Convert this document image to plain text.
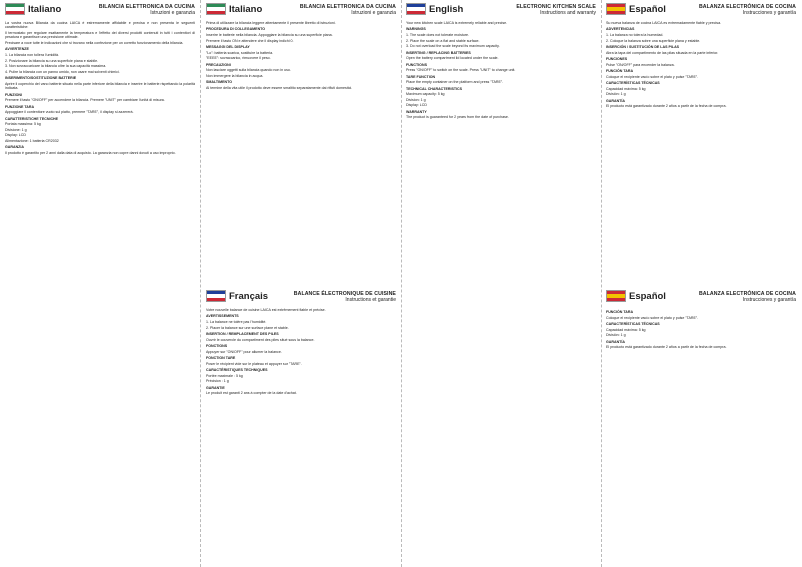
Italiano	BILANCIA ELETTRONICA DA CUCINA
Istruzioni e garanzia

La vostra nuova Bilancia da cucina LAICA è estremamente affidabile e precisa e non presenta le seguenti caratteristiche:

Il termostato per regolare esattamente la temperatura e l'effetto dei diversi prodotti contenuti in tutti i contenitori di pesatura e garantisce una precisione ottimale.

Precisare a voce tutte le indicazioni che si trovano nella confezione per un corretto funzionamento della bilancia.

AVVERTENZE

1. La bilancia non tollera l'umidità.

2. Posizionare la bilancia su una superficie piana e stabile.

3. Non sovraccaricare la bilancia oltre la sua capacità massima.

4. Pulire la bilancia con un panno umido, non usare mai solventi chimici.

INSERIMENTO/SOSTITUZIONE BATTERIE

Aprire il coperchio del vano batterie situato nella parte inferiore della bilancia e inserire le batterie rispettando la polarità indicata.

FUNZIONI

Premere il tasto "ON/OFF" per accendere la bilancia. Premere "UNIT" per cambiare l'unità di misura.

FUNZIONE TARA

Appoggiare il contenitore vuoto sul piatto, premere "TARE", il display si azzererà.

CARATTERISTICHE TECNICHE

Portata massima: 5 kg

Divisione: 1 g

Display: LCD

Alimentazione: 1 batteria CR2032

GARANZIA

Il prodotto è garantito per 2 anni dalla data di acquisto. La garanzia non copre danni dovuti a uso improprio.

Italiano	BILANCIA ELETTRONICA DA CUCINA
Istruzioni e garanzia

Prima di utilizzare la bilancia leggere attentamente il presente libretto di istruzioni.

PROCEDURA DI COLLEGAMENTO

Inserire le batterie nella bilancia. Appoggiare la bilancia su una superficie piana.

Premere il tasto ON e attendere che il display indichi 0.

MESSAGGI DEL DISPLAY

"Lo": batteria scarica, sostituire la batteria.

"EEEE": sovraccarico, rimuovere il peso.

PRECAUZIONI

Non lasciare oggetti sulla bilancia quando non in uso.

Non immergere la bilancia in acqua.

SMALTIMENTO

Al termine della vita utile il prodotto deve essere smaltito separatamente dai rifiuti domestici.

Français	BALANCE ÉLECTRONIQUE DE CUISINE
Instructions et garantie

Votre nouvelle balance de cuisine LAICA est extrêmement fiable et précise.

AVERTISSEMENTS

1. La balance ne tolère pas l'humidité.

2. Placer la balance sur une surface plane et stable.

INSERTION / REMPLACEMENT DES PILES

Ouvrir le couvercle du compartiment des piles situé sous la balance.

FONCTIONS

Appuyer sur "ON/OFF" pour allumer la balance.

FONCTION TARE

Poser le récipient vide sur le plateau et appuyer sur "TARE".

CARACTÉRISTIQUES TECHNIQUES

Portée maximale : 5 kg

Précision : 1 g

GARANTIE

Le produit est garanti 2 ans à compter de la date d'achat.

English	ELECTRONIC KITCHEN SCALE
Instructions and warranty

Your new kitchen scale LAICA is extremely reliable and precise.

WARNINGS

1. The scale does not tolerate moisture.

2. Place the scale on a flat and stable surface.

3. Do not overload the scale beyond its maximum capacity.

INSERTING / REPLACING BATTERIES

Open the battery compartment lid located under the scale.

FUNCTIONS

Press "ON/OFF" to switch on the scale. Press "UNIT" to change unit.

TARE FUNCTION

Place the empty container on the platform and press "TARE".

TECHNICAL CHARACTERISTICS

Maximum capacity: 5 kg

Division: 1 g

Display: LCD

WARRANTY

The product is guaranteed for 2 years from the date of purchase.

Español	BALANZA ELECTRÓNICA DE COCINA
Instrucciones y garantía

Su nueva balanza de cocina LAICA es extremadamente fiable y precisa.

ADVERTENCIAS

1. La balanza no tolera la humedad.

2. Coloque la balanza sobre una superficie plana y estable.

INSERCIÓN / SUSTITUCIÓN DE LAS PILAS

Abra la tapa del compartimento de las pilas situada en la parte inferior.

FUNCIONES

Pulse "ON/OFF" para encender la balanza.

FUNCIÓN TARA

Coloque el recipiente vacío sobre el plato y pulse "TARE".

CARACTERÍSTICAS TÉCNICAS

Capacidad máxima: 5 kg

División: 1 g

GARANTÍA

El producto está garantizado durante 2 años a partir de la fecha de compra.

Español	BALANZA ELECTRÓNICA DE COCINA
Instrucciones y garantía

FUNCIÓN TARA

Coloque el recipiente vacío sobre el plato y pulse "TARE".

CARACTERÍSTICAS TÉCNICAS

Capacidad máxima: 5 kg

División: 1 g

GARANTÍA

El producto está garantizado durante 2 años a partir de la fecha de compra.
